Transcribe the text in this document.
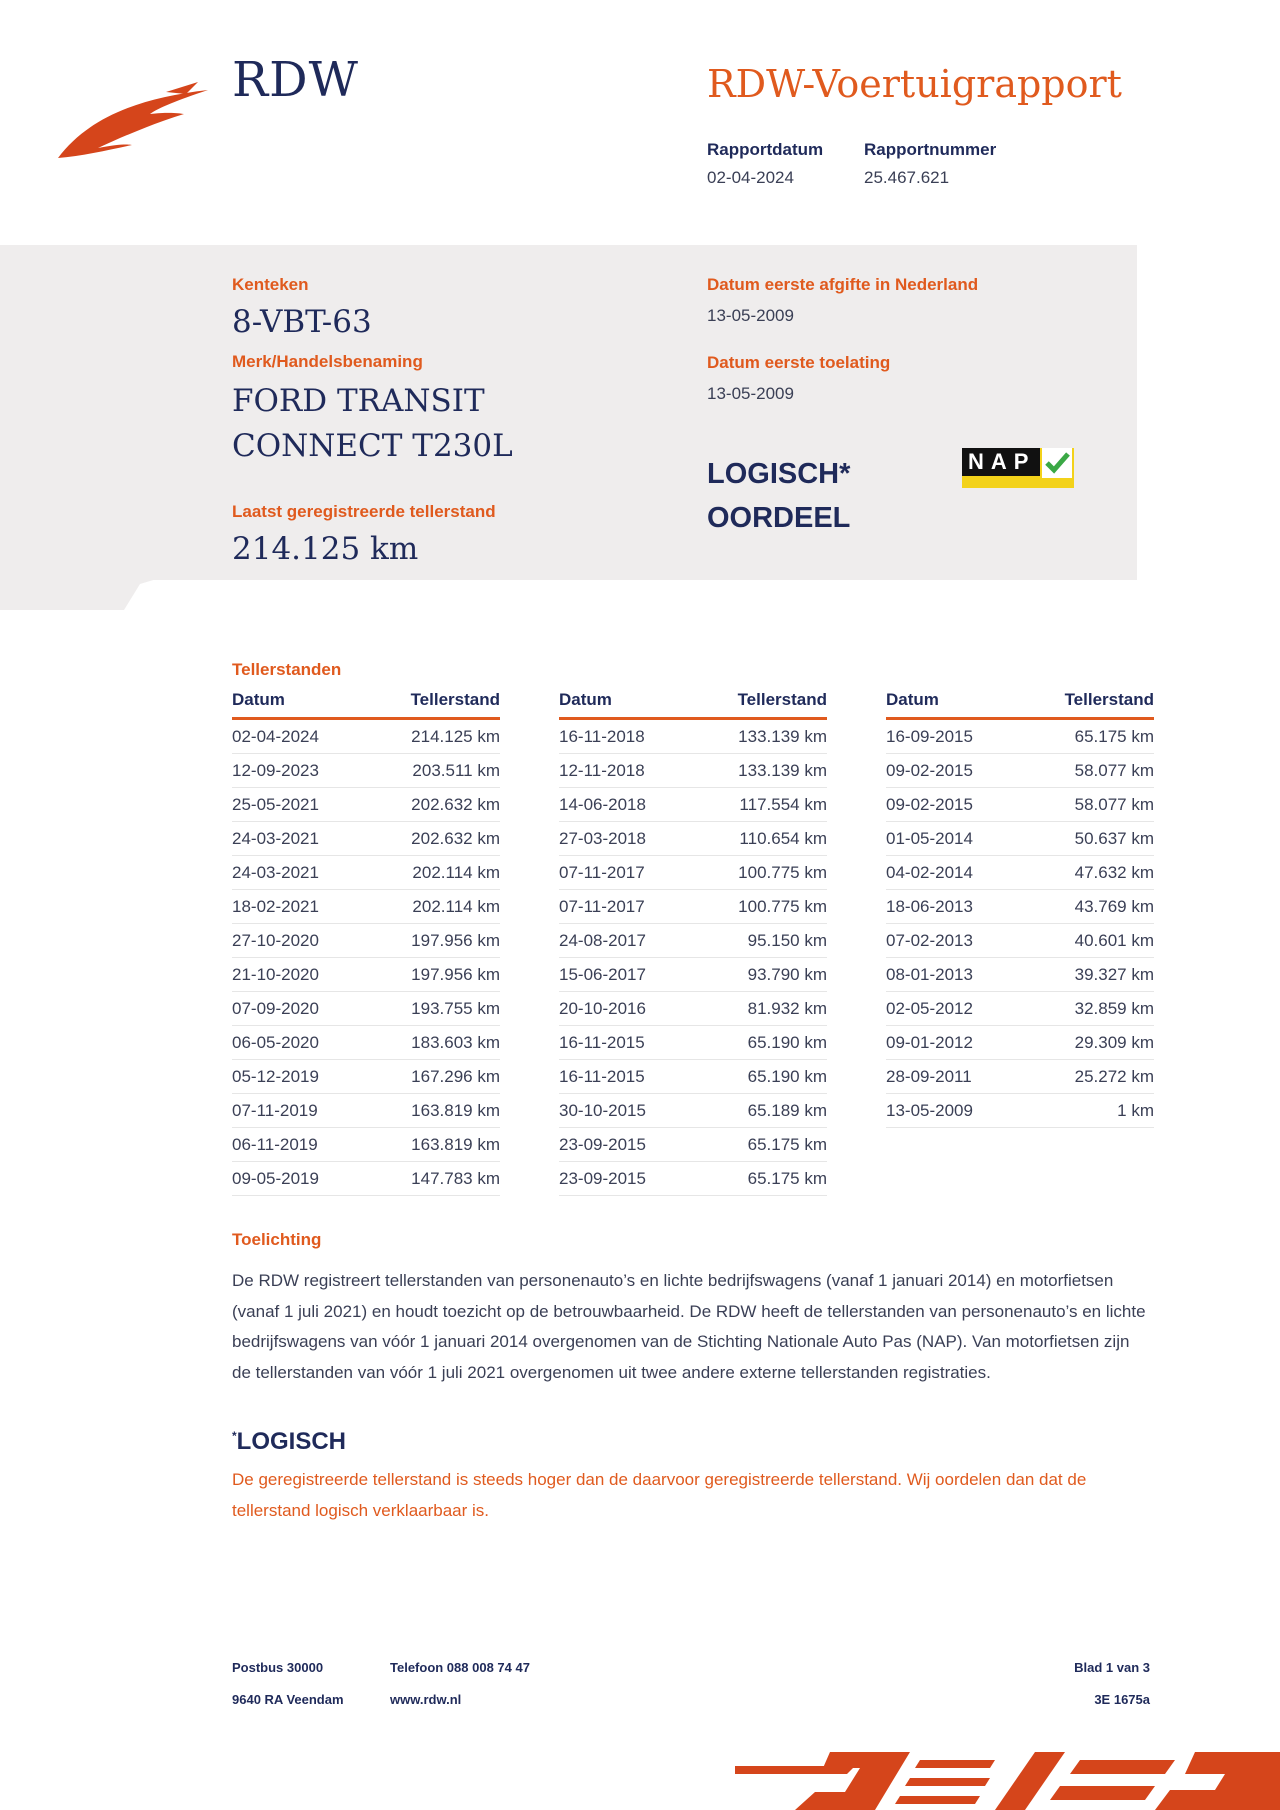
RDW	RDW-Voertuigrapport
Rapportdatum
02-04-2024
Rapportnummer
25.467.621
Kenteken
8-VBT-63
Merk/Handelsbenaming
FORD TRANSIT
CONNECT T230L
Laatst geregistreerde tellerstand
214.125 km
Datum eerste afgifte in Nederland
13-05-2009
Datum eerste toelating
13-05-2009
LOGISCH*
OORDEEL
NAP
Tellerstanden
Datum	Tellerstand
02-04-2024	214.125 km
12-09-2023	203.511 km
25-05-2021	202.632 km
24-03-2021	202.632 km
24-03-2021	202.114 km
18-02-2021	202.114 km
27-10-2020	197.956 km
21-10-2020	197.956 km
07-09-2020	193.755 km
06-05-2020	183.603 km
05-12-2019	167.296 km
07-11-2019	163.819 km
06-11-2019	163.819 km
09-05-2019	147.783 km
Datum	Tellerstand
16-11-2018	133.139 km
12-11-2018	133.139 km
14-06-2018	117.554 km
27-03-2018	110.654 km
07-11-2017	100.775 km
07-11-2017	100.775 km
24-08-2017	95.150 km
15-06-2017	93.790 km
20-10-2016	81.932 km
16-11-2015	65.190 km
16-11-2015	65.190 km
30-10-2015	65.189 km
23-09-2015	65.175 km
23-09-2015	65.175 km
Datum	Tellerstand
16-09-2015	65.175 km
09-02-2015	58.077 km
09-02-2015	58.077 km
01-05-2014	50.637 km
04-02-2014	47.632 km
18-06-2013	43.769 km
07-02-2013	40.601 km
08-01-2013	39.327 km
02-05-2012	32.859 km
09-01-2012	29.309 km
28-09-2011	25.272 km
13-05-2009	1 km
Toelichting
De RDW registreert tellerstanden van personenauto’s en lichte bedrijfswagens (vanaf 1 januari 2014) en motorfietsen (vanaf 1 juli 2021) en houdt toezicht op de betrouwbaarheid. De RDW heeft de tellerstanden van personenauto’s en lichte bedrijfswagens van vóór 1 januari 2014 overgenomen van de Stichting Nationale Auto Pas (NAP). Van motorfietsen zijn de tellerstanden van vóór 1 juli 2021 overgenomen uit twee andere externe tellerstanden registraties.
*LOGISCH
De geregistreerde tellerstand is steeds hoger dan de daarvoor geregistreerde tellerstand. Wij oordelen dan dat de tellerstand logisch verklaarbaar is.
Postbus 30000
9640 RA Veendam
Telefoon 088 008 74 47
www.rdw.nl
Blad 1 van 3
3E 1675a
